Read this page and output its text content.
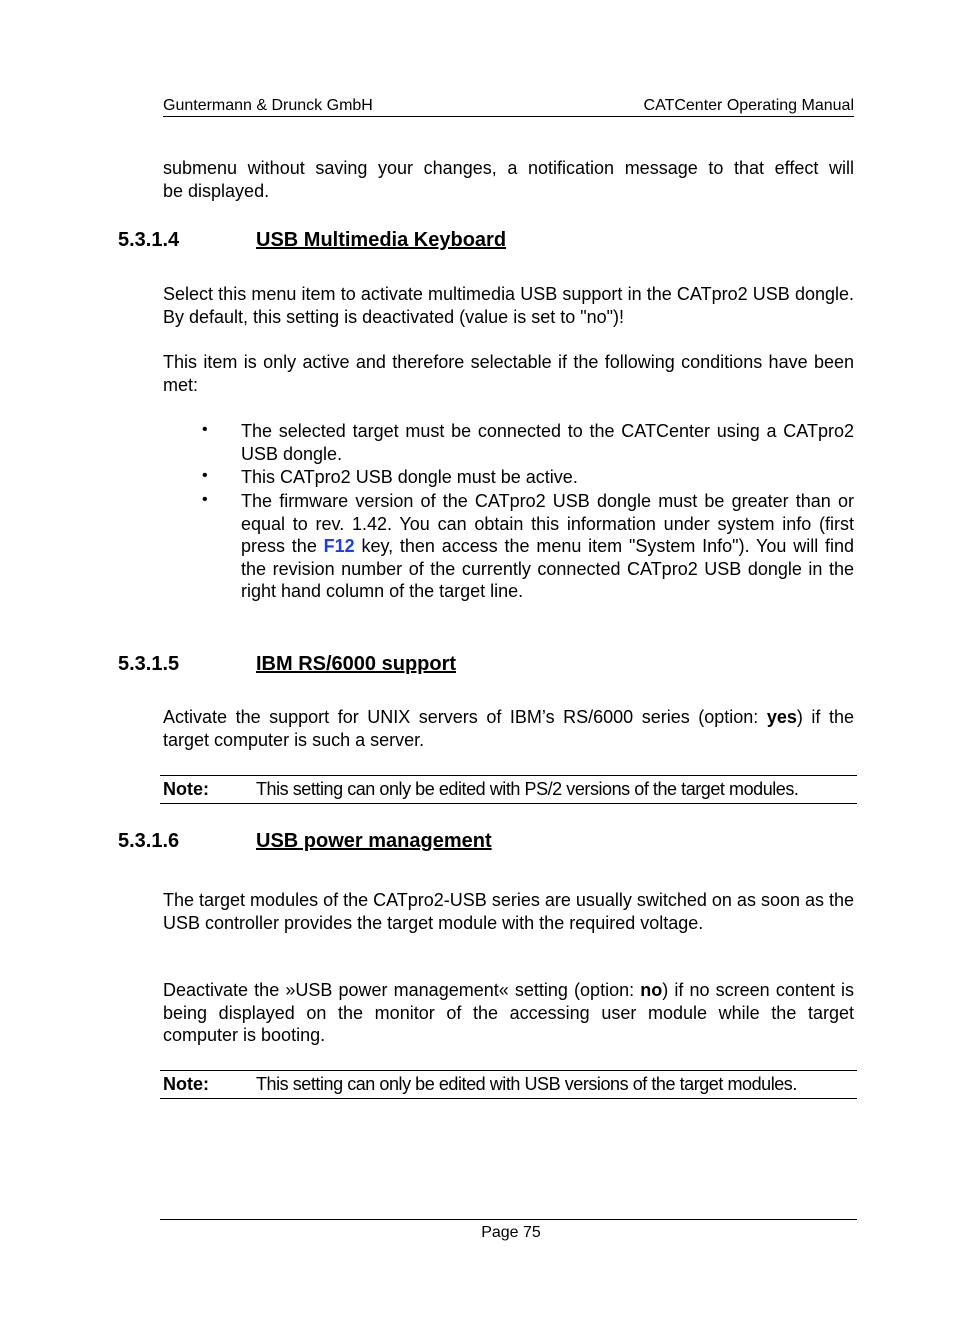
Guntermann & Drunck GmbH	CATCenter Operating Manual
submenu without saving your changes, a notification message to that effect will
be displayed.
5.3.1.4	USB Multimedia Keyboard
Select this menu item to activate multimedia USB support in the CATpro2 USB dongle. By default, this setting is deactivated (value is set to "no")!
This item is only active and therefore selectable if the following conditions have been met:
• The selected target must be connected to the CATCenter using a CATpro2 USB dongle.
• This CATpro2 USB dongle must be active.
• The firmware version of the CATpro2 USB dongle must be greater than or equal to rev. 1.42. You can obtain this information under system info (first press the F12 key, then access the menu item "System Info"). You will find the revision number of the currently connected CATpro2 USB dongle in the right hand column of the target line.
5.3.1.5	IBM RS/6000 support
Activate the support for UNIX servers of IBM’s RS/6000 series (option: yes) if the target computer is such a server.
Note:	This setting can only be edited with PS/2 versions of the target modules.
5.3.1.6	USB power management
The target modules of the CATpro2-USB series are usually switched on as soon as the USB controller provides the target module with the required voltage.
Deactivate the »USB power management« setting (option: no) if no screen content is being displayed on the monitor of the accessing user module while the target computer is booting.
Note:	This setting can only be edited with USB versions of the target modules.
Page 75
